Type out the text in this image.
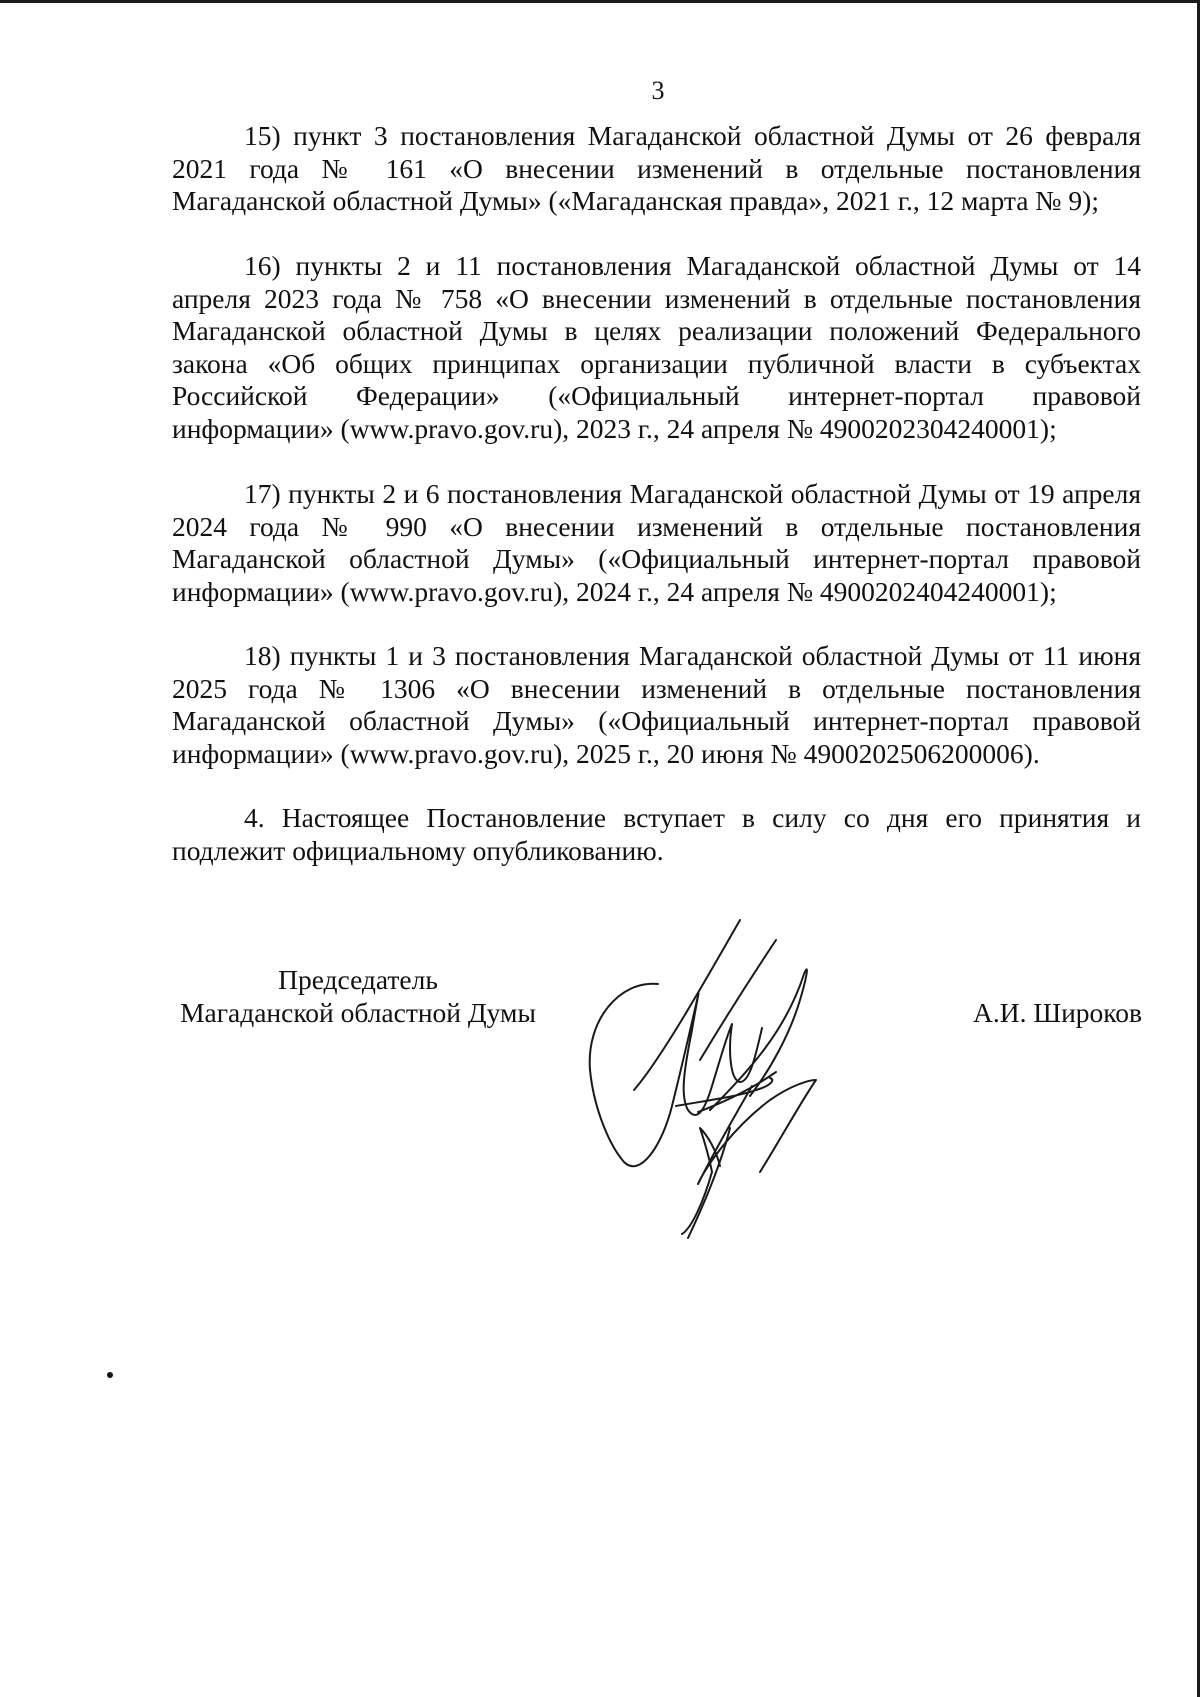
3

15) пункт 3 постановления Магаданской областной Думы от 26 февраля 2021 года № 161 «О внесении изменений в отдельные постановления Магаданской областной Думы» («Магаданская правда», 2021 г., 12 марта № 9);

16) пункты 2 и 11 постановления Магаданской областной Думы от 14 апреля 2023 года № 758 «О внесении изменений в отдельные постановления Магаданской областной Думы в целях реализации положений Федерального закона «Об общих принципах организации публичной власти в субъектах Российской Федерации» («Официальный интернет-портал правовой информации» (www.pravo.gov.ru), 2023 г., 24 апреля № 4900202304240001);

17) пункты 2 и 6 постановления Магаданской областной Думы от 19 апреля 2024 года № 990 «О внесении изменений в отдельные постановления Магаданской областной Думы» («Официальный интернет-портал правовой информации» (www.pravo.gov.ru), 2024 г., 24 апреля № 4900202404240001);

18) пункты 1 и 3 постановления Магаданской областной Думы от 11 июня 2025 года № 1306 «О внесении изменений в отдельные постановления Магаданской областной Думы» («Официальный интернет-портал правовой информации» (www.pravo.gov.ru), 2025 г., 20 июня № 4900202506200006).

4. Настоящее Постановление вступает в силу со дня его принятия и подлежит официальному опубликованию.

Председатель
Магаданской областной Думы	А.И. Широков
